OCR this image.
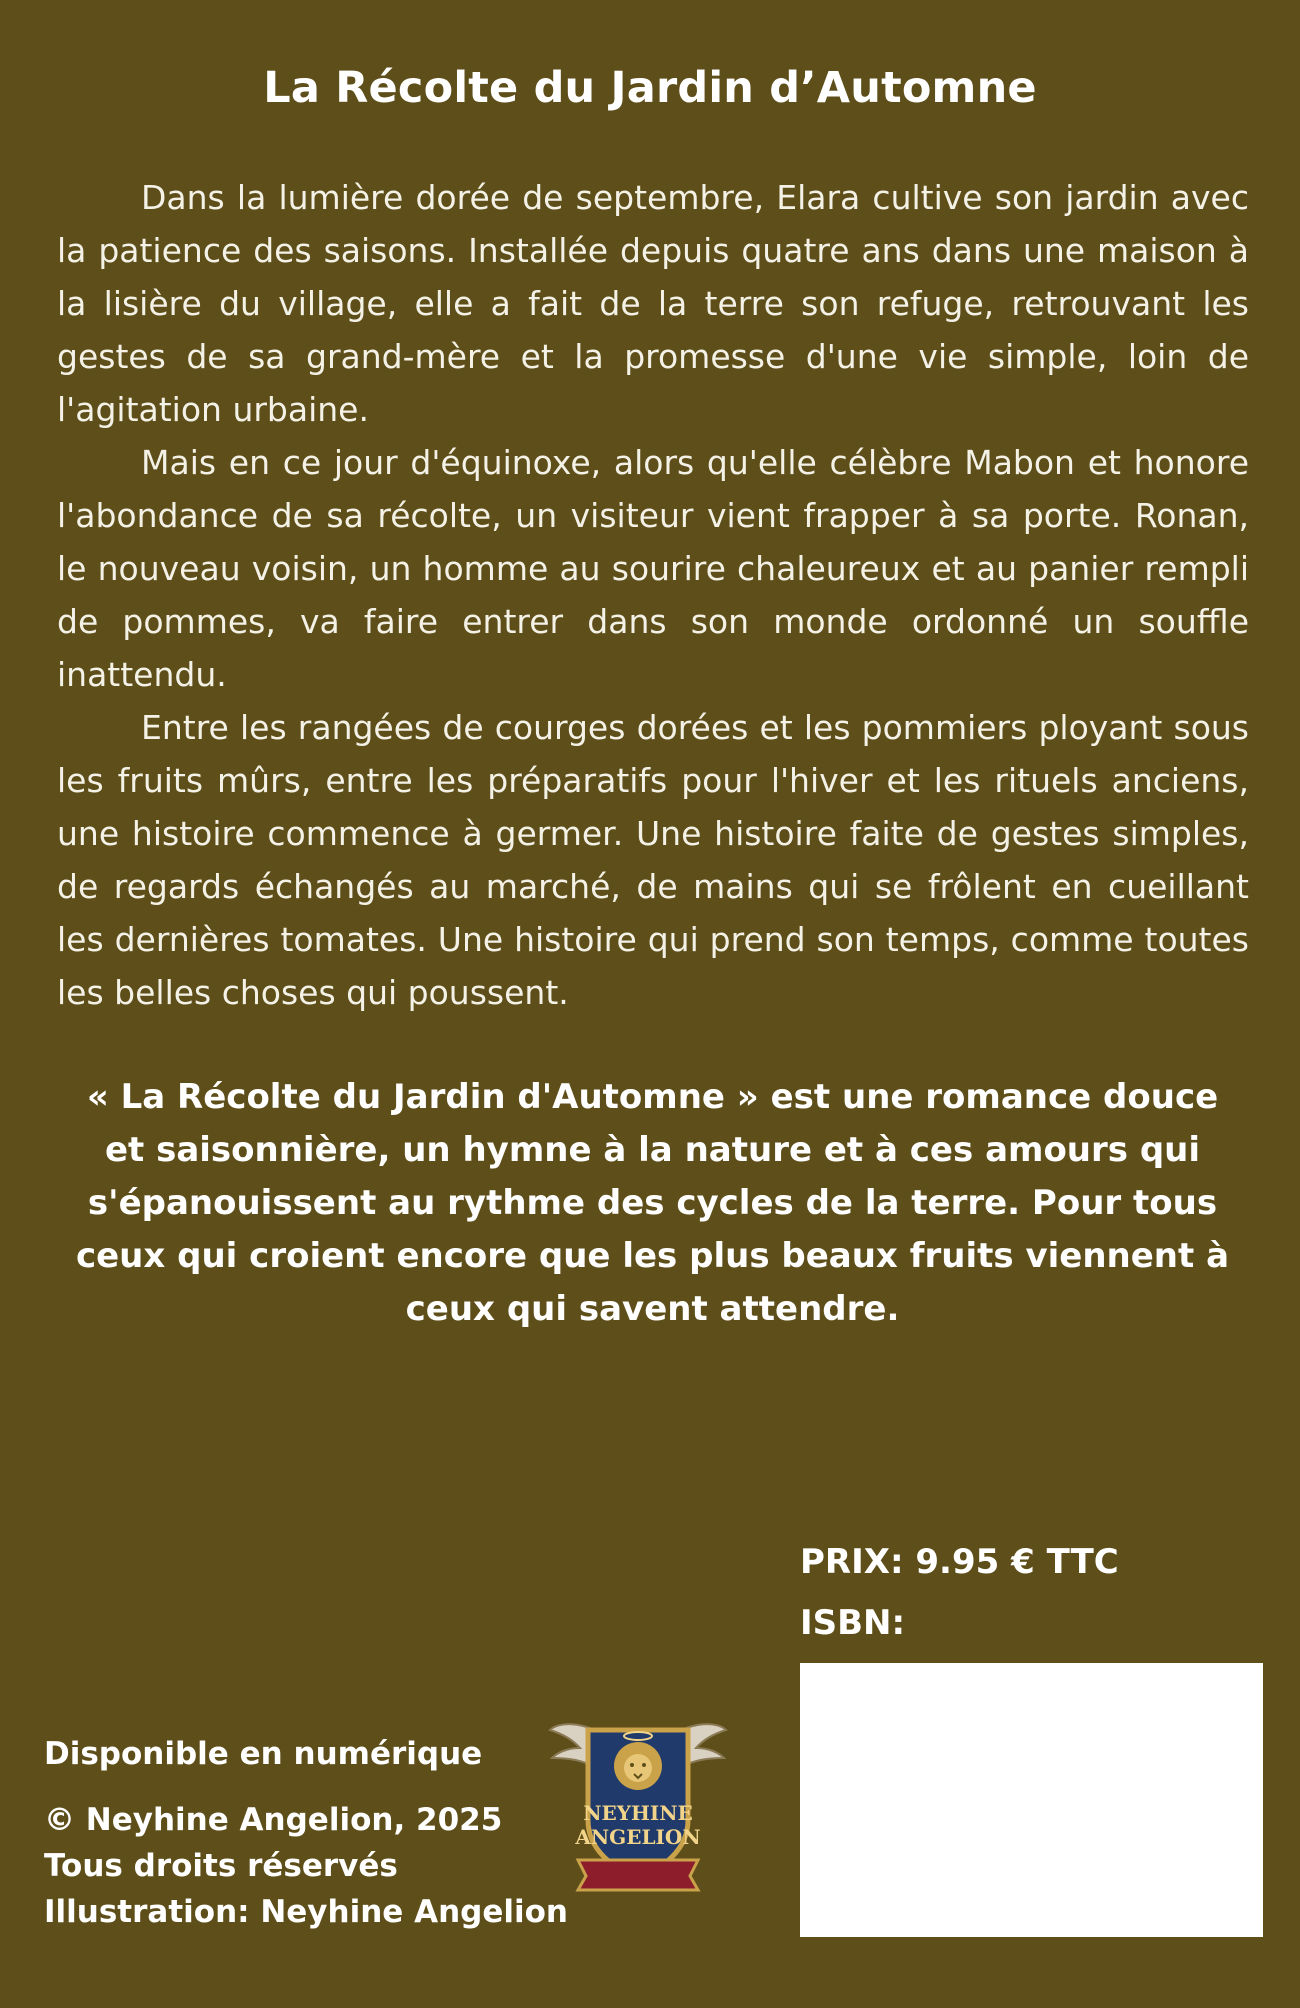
La Récolte du Jardin d’Automne

Dans la lumière dorée de septembre, Elara cultive son jardin avec la patience des saisons. Installée depuis quatre ans dans une maison à la lisière du village, elle a fait de la terre son refuge, retrouvant les gestes de sa grand-mère et la promesse d'une vie simple, loin de l'agitation urbaine.

Mais en ce jour d'équinoxe, alors qu'elle célèbre Mabon et honore l'abondance de sa récolte, un visiteur vient frapper à sa porte. Ronan, le nouveau voisin, un homme au sourire chaleureux et au panier rempli de pommes, va faire entrer dans son monde ordonné un souffle inattendu.

Entre les rangées de courges dorées et les pommiers ployant sous les fruits mûrs, entre les préparatifs pour l'hiver et les rituels anciens, une histoire commence à germer. Une histoire faite de gestes simples, de regards échangés au marché, de mains qui se frôlent en cueillant les dernières tomates. Une histoire qui prend son temps, comme toutes les belles choses qui poussent.

« La Récolte du Jardin d'Automne » est une romance douce et saisonnière, un hymne à la nature et à ces amours qui s'épanouissent au rythme des cycles de la terre. Pour tous ceux qui croient encore que les plus beaux fruits viennent à ceux qui savent attendre.

PRIX: 9.95 € TTC
ISBN:
Disponible en numérique
© Neyhine Angelion, 2025
Tous droits réservés
Illustration: Neyhine Angelion
NEYHINE
ANGELION
